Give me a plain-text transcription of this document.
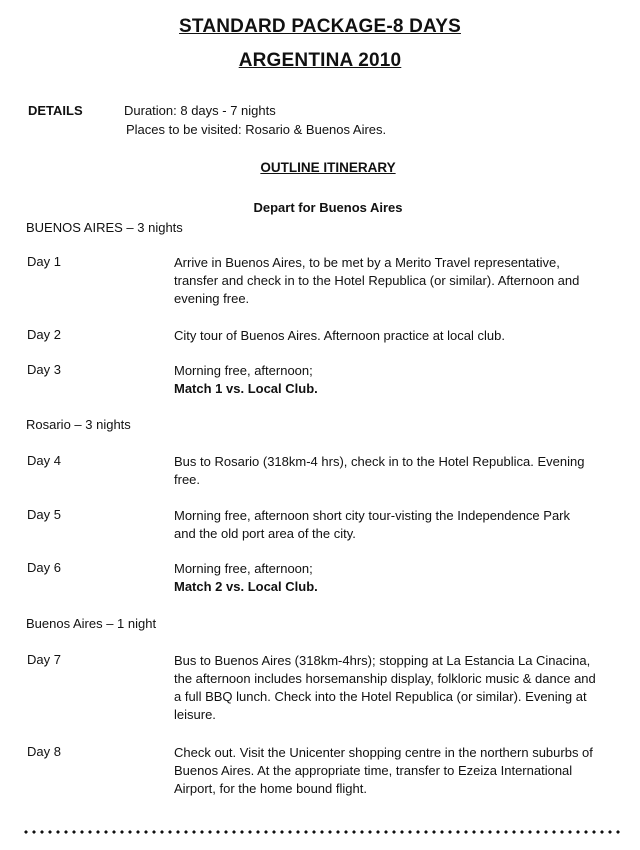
STANDARD PACKAGE-8 DAYS
ARGENTINA 2010
DETAILS	Duration: 8 days - 7 nights
Places to be visited: Rosario & Buenos Aires.
OUTLINE ITINERARY
Depart for Buenos Aires
BUENOS AIRES – 3 nights
Day 1	Arrive in Buenos Aires, to be met by a Merito Travel representative,
transfer and check in to the Hotel Republica (or similar). Afternoon and
evening free.
Day 2	City tour of Buenos Aires. Afternoon practice at local club.
Day 3	Morning free, afternoon;
Match 1 vs. Local Club.
Rosario – 3 nights
Day 4	Bus to Rosario (318km-4 hrs), check in to the Hotel Republica. Evening
free.
Day 5	Morning free, afternoon short city tour-visting the Independence Park
and the old port area of the city.
Day 6	Morning free, afternoon;
Match 2 vs. Local Club.
Buenos Aires – 1 night
Day 7	Bus to Buenos Aires (318km-4hrs); stopping at La Estancia La Cinacina,
the afternoon includes horsemanship display, folkloric music & dance and
a full BBQ lunch. Check into the Hotel Republica (or similar). Evening at
leisure.
Day 8	Check out. Visit the Unicenter shopping centre in the northern suburbs of
Buenos Aires. At the appropriate time, transfer to Ezeiza International
Airport, for the home bound flight.
